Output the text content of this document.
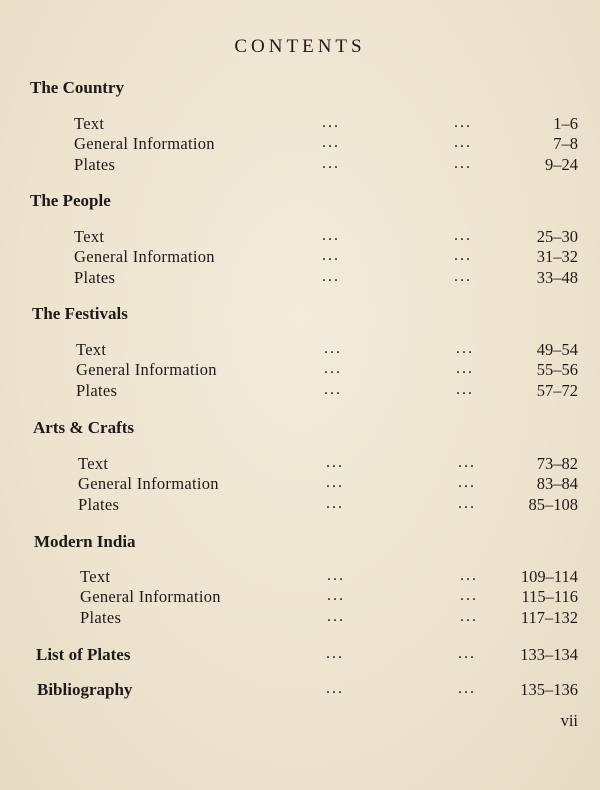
CONTENTS
The Country
Text	...	...	1–6
General Information	...	...	7–8
Plates	...	...	9–24
The People
Text	...	...	25–30
General Information	...	...	31–32
Plates	...	...	33–48
The Festivals
Text	...	...	49–54
General Information	...	...	55–56
Plates	...	...	57–72
Arts & Crafts
Text	...	...	73–82
General Information	...	...	83–84
Plates	...	...	85–108
Modern India
Text	...	...	109–114
General Information	...	...	115–116
Plates	...	...	117–132
List of Plates	...	...	133–134
Bibliography	...	...	135–136
vii
